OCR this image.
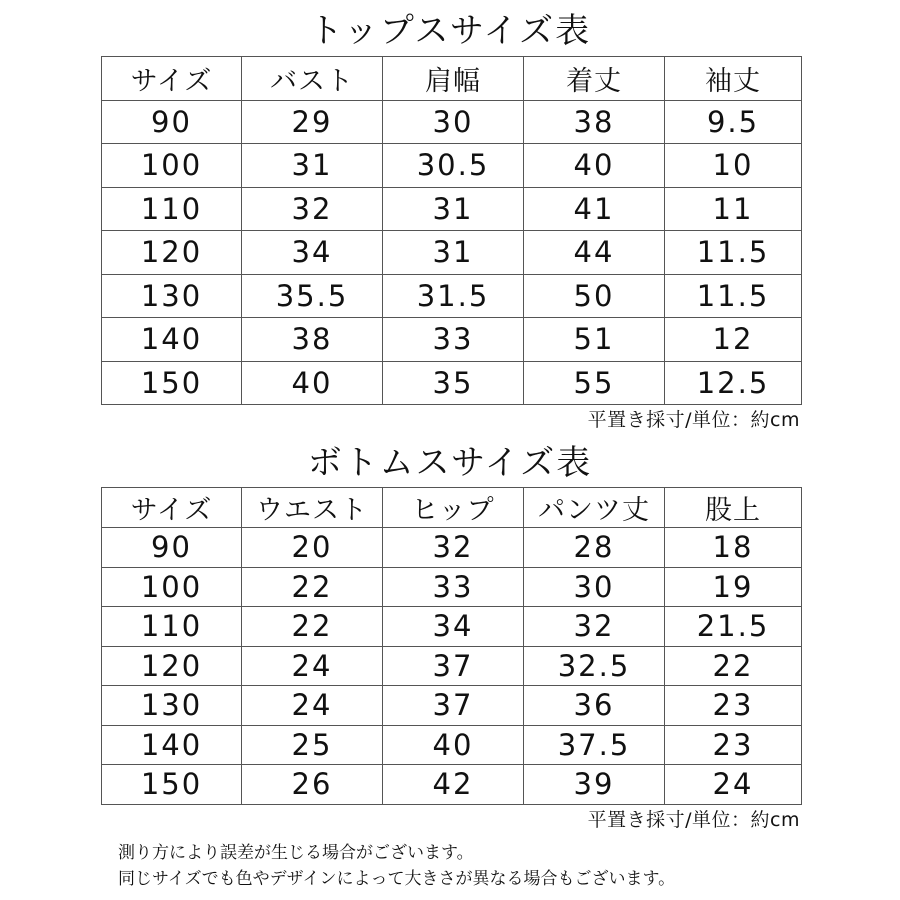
トップスサイズ表
サイズ	バスト	肩幅	着丈	袖丈
90	29	30	38	9.5
100	31	30.5	40	10
110	32	31	41	11
120	34	31	44	11.5
130	35.5	31.5	50	11.5
140	38	33	51	12
150	40	35	55	12.5
平置き採寸/単位：約cm
ボトムスサイズ表
サイズ	ウエスト	ヒップ	パンツ丈	股上
90	20	32	28	18
100	22	33	30	19
110	22	34	32	21.5
120	24	37	32.5	22
130	24	37	36	23
140	25	40	37.5	23
150	26	42	39	24
平置き採寸/単位：約cm
測り方により誤差が生じる場合がございます。
同じサイズでも色やデザインによって大きさが異なる場合もございます。
